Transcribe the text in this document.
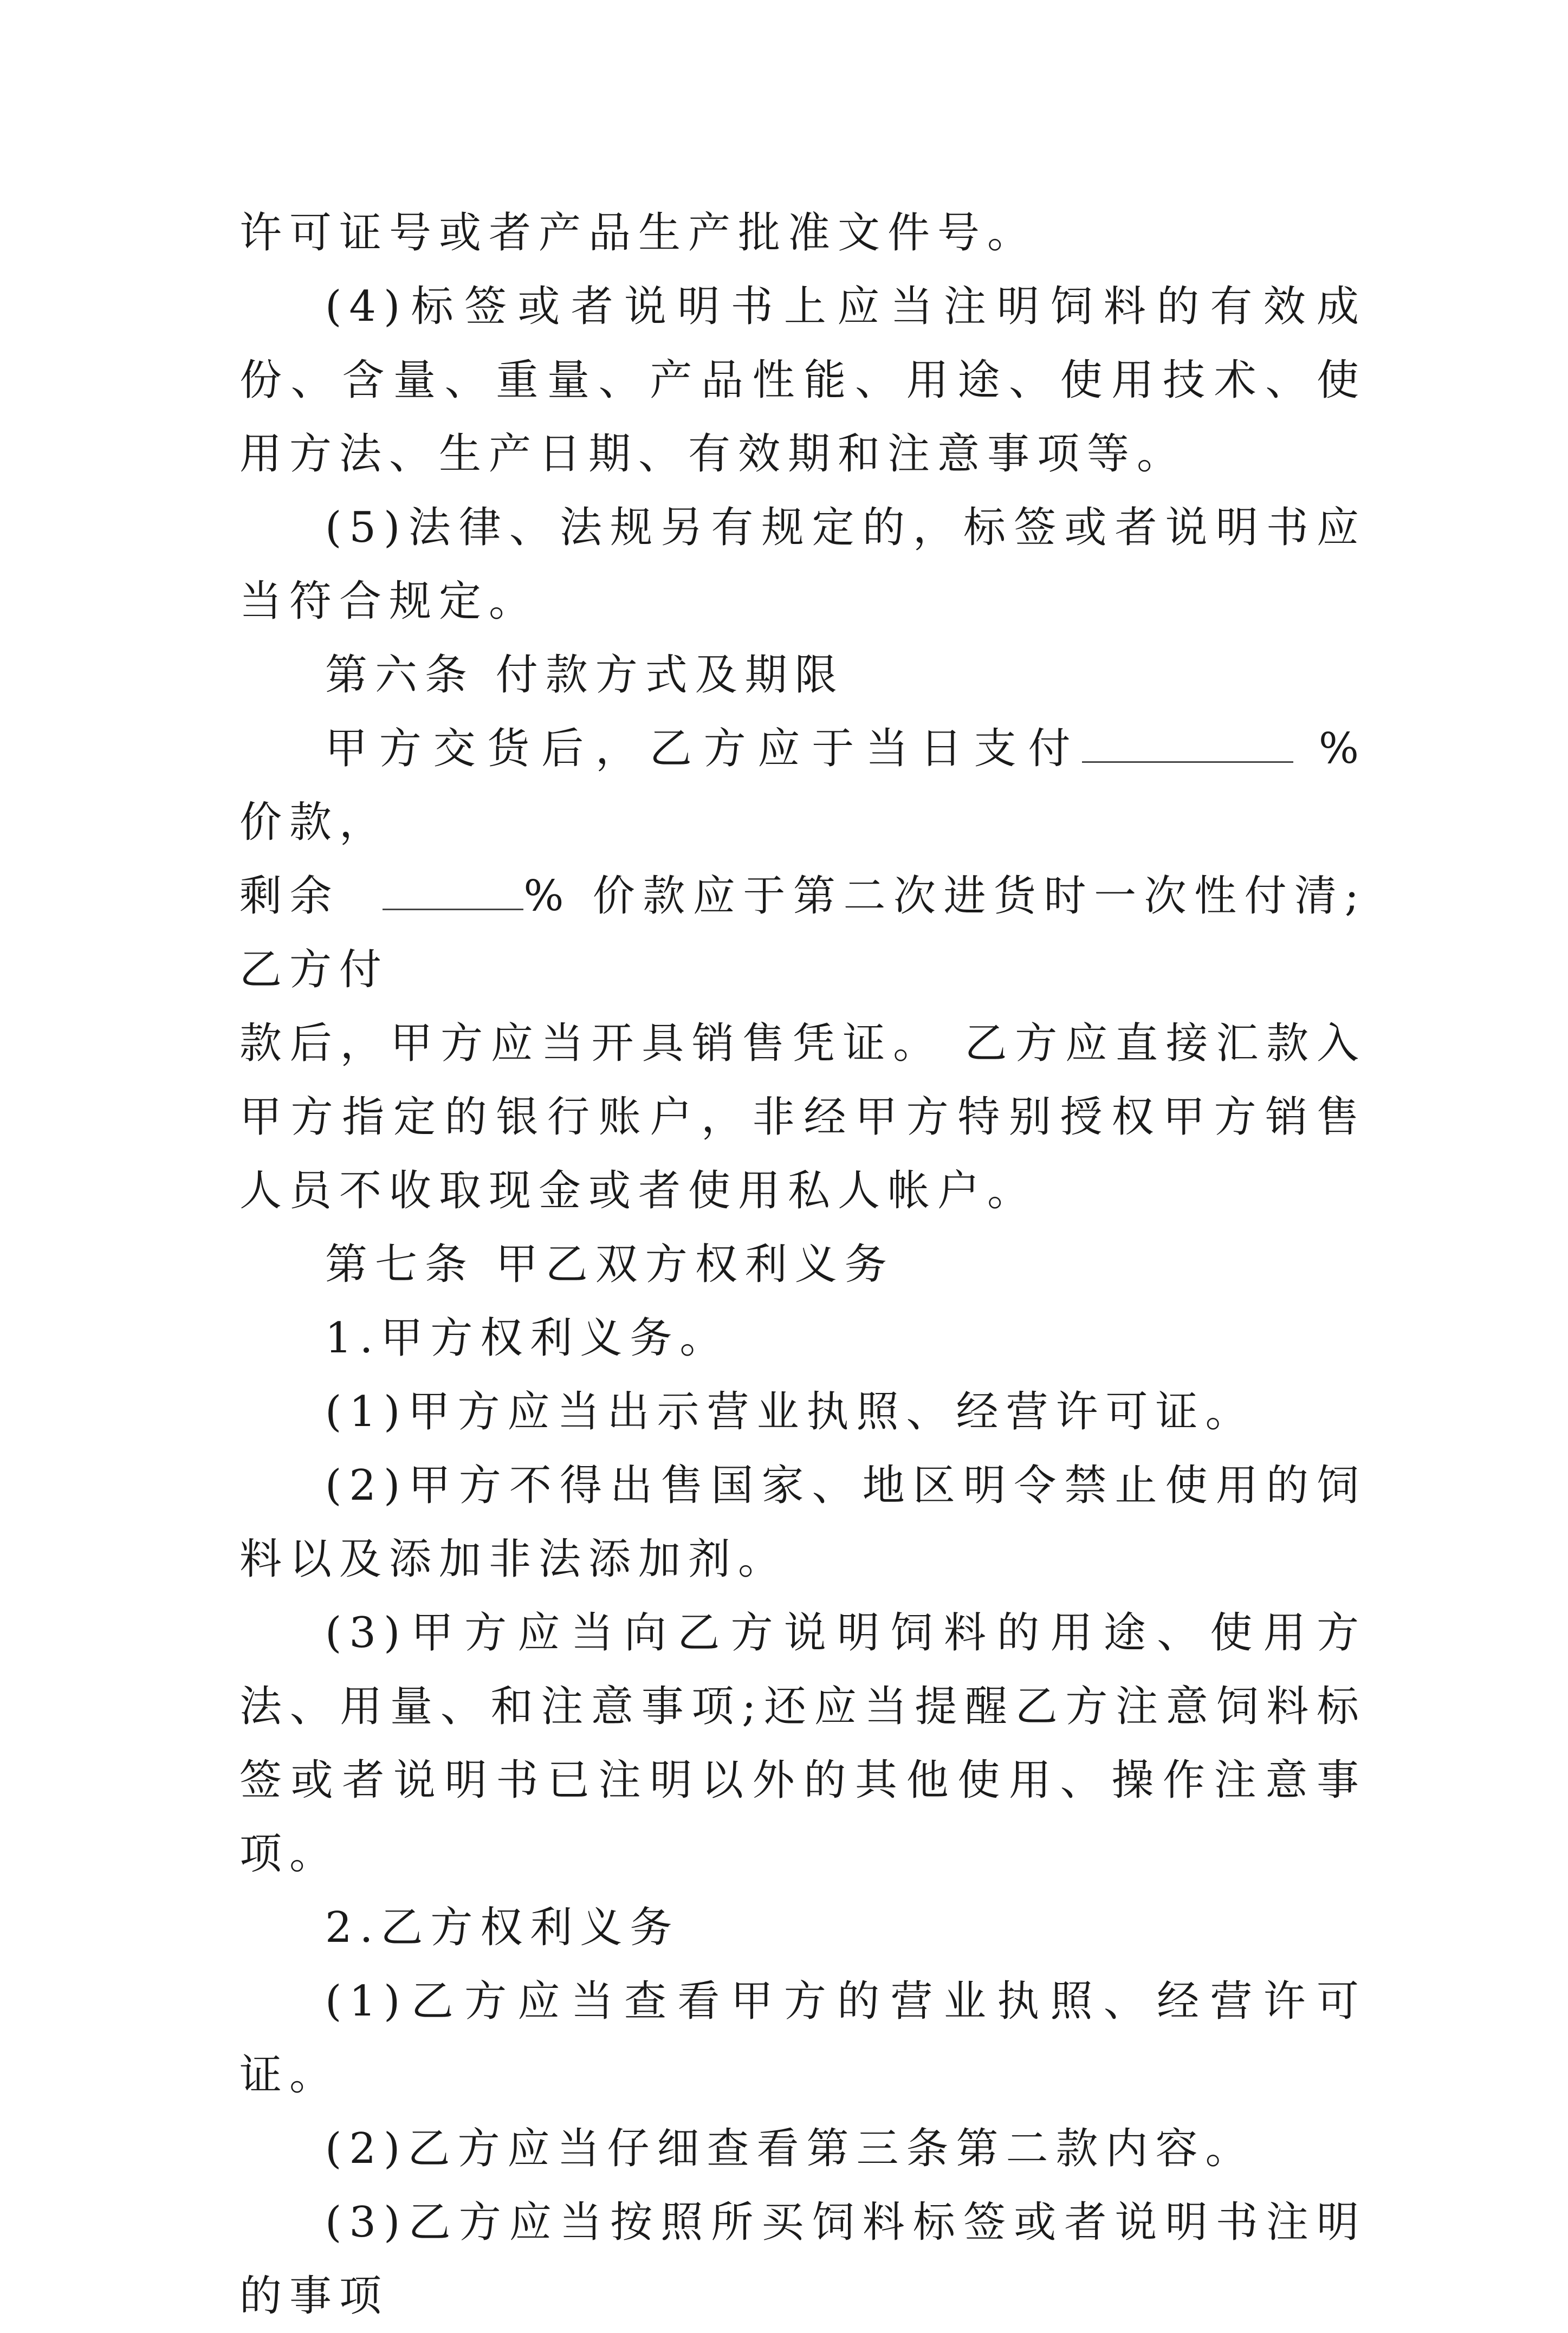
许可证号或者产品生产批准文件号。

(4)标签或者说明书上应当注明饲料的有效成份、含量、重量、产品性能、用途、使用技术、使用方法、生产日期、有效期和注意事项等。

(5)法律、法规另有规定的，标签或者说明书应当符合规定。

第六条 付款方式及期限

甲方交货后，乙方应于当日支付	% 价款，
剩余	% 价款应于第二次进货时一次性付清;乙方付

款后，甲方应当开具销售凭证。 乙方应直接汇款入甲方指定的银行账户，非经甲方特别授权甲方销售人员不收取现金或者使用私人帐户。

第七条 甲乙双方权利义务

1.甲方权利义务。

(1)甲方应当出示营业执照、经营许可证。

(2)甲方不得出售国家、地区明令禁止使用的饲料以及添加非法添加剂。

(3)甲方应当向乙方说明饲料的用途、使用方法、用量、和注意事项;还应当提醒乙方注意饲料标签或者说明书已注明以外的其他使用、操作注意事项。

2.乙方权利义务

(1)乙方应当查看甲方的营业执照、经营许可证。

(2)乙方应当仔细查看第三条第二款内容。

(3)乙方应当按照所买饲料标签或者说明书注明的事项
